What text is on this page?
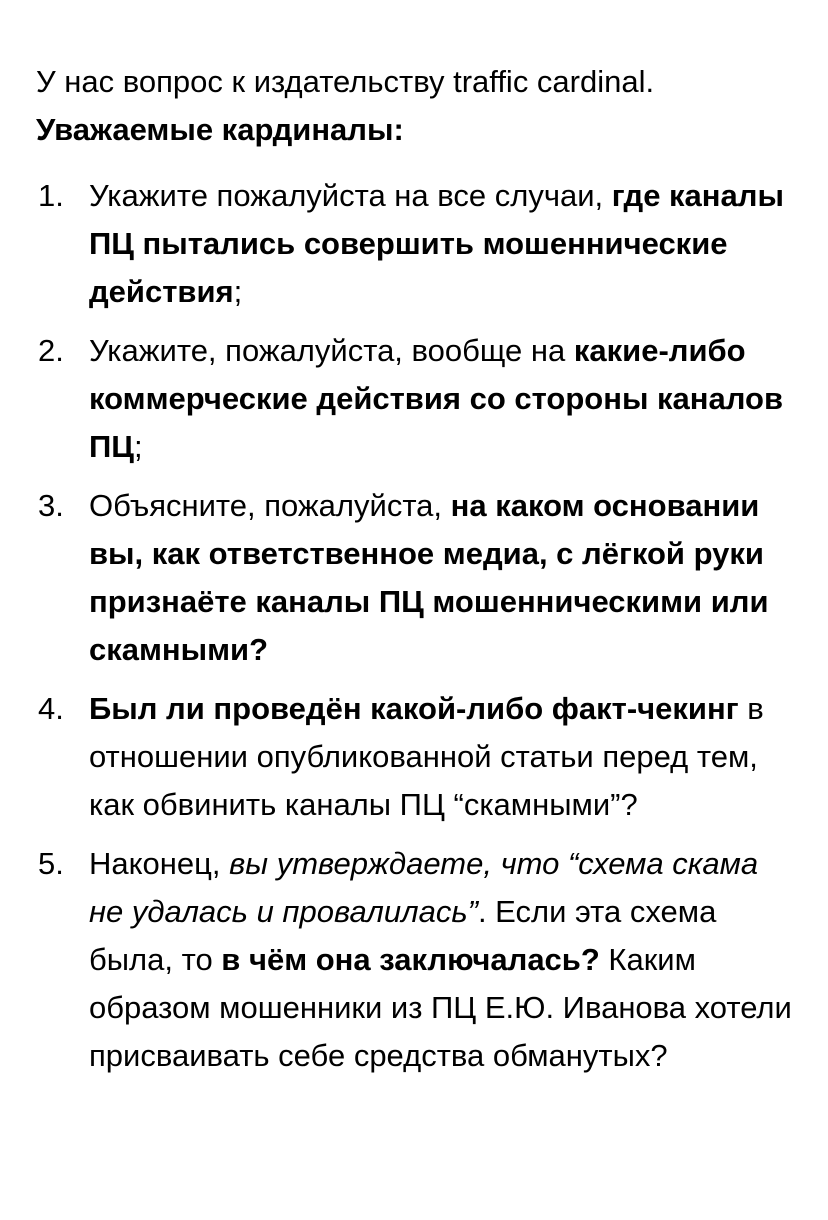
У нас вопрос к издательству traffic cardinal.

Уважаемые кардиналы:

1. Укажите пожалуйста на все случаи, где каналы ПЦ пытались совершить мошеннические действия;
2. Укажите, пожалуйста, вообще на какие-либо коммерческие действия со стороны каналов ПЦ;
3. Объясните, пожалуйста, на каком основании вы, как ответственное медиа, с лёгкой руки признаёте каналы ПЦ мошенническими или скамными?
4. Был ли проведён какой-либо факт-чекинг в отношении опубликованной статьи перед тем, как обвинить каналы ПЦ “скамными”?
5. Наконец, вы утверждаете, что “схема скама не удалась и провалилась”. Если эта схема была, то в чём она заключалась? Каким образом мошенники из ПЦ Е.Ю. Иванова хотели присваивать себе средства обманутых?
